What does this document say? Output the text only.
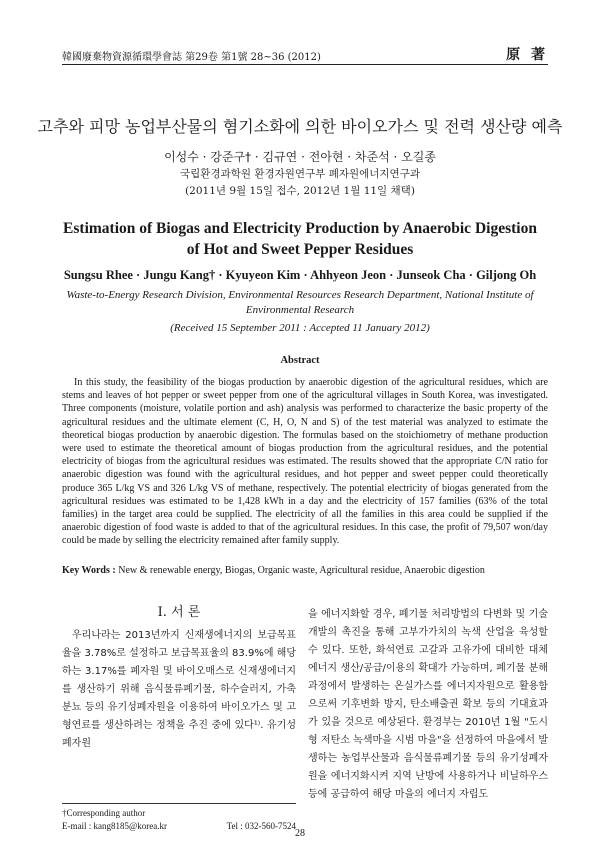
韓國廢棄物資源循環學會誌 第29卷 第1號 28~36 (2012)	原 著
고추와 피망 농업부산물의 혐기소화에 의한 바이오가스 및 전력 생산량 예측
이성수 · 강준구† · 김규연 · 전아현 · 차준석 · 오길종
국립환경과학원 환경자원연구부 폐자원에너지연구과
(2011년 9월 15일 접수, 2012년 1월 11일 채택)
Estimation of Biogas and Electricity Production by Anaerobic Digestion
of Hot and Sweet Pepper Residues
Sungsu Rhee · Jungu Kang† · Kyuyeon Kim · Ahhyeon Jeon · Junseok Cha · Giljong Oh
Waste-to-Energy Research Division, Environmental Resources Research Department, National Institute of
Environmental Research
(Received 15 September 2011 : Accepted 11 January 2012)
Abstract

In this study, the feasibility of the biogas production by anaerobic digestion of the agricultural residues, which are stems and leaves of hot pepper or sweet pepper from one of the agricultural villages in South Korea, was investigated. Three components (moisture, volatile portion and ash) analysis was performed to characterize the basic property of the agricultural residues and the ultimate element (C, H, O, N and S) of the test material was analyzed to estimate the theoretical biogas production by anaerobic digestion. The formulas based on the stoichiometry of methane production were used to estimate the theoretical amount of biogas production from the agricultural residues, and the potential electricity of biogas from the agricultural residues was estimated. The results showed that the appropriate C/N ratio for anaerobic digestion was found with the agricultural residues, and hot pepper and sweet pepper could theoretically produce 365 L/kg VS and 326 L/kg VS of methane, respectively. The potential electricity of biogas generated from the agricultural residues was estimated to be 1,428 kWh in a day and the electricity of 157 families (63% of the total families) in the target area could be supplied. The electricity of all the families in this area could be supplied if the anaerobic digestion of food waste is added to that of the agricultural residues. In this case, the profit of 79,507 won/day could be made by selling the electricity remained after family supply.

Key Words : New & renewable energy, Biogas, Organic waste, Agricultural residue, Anaerobic digestion
I. 서 론

우리나라는 2013년까지 신재생에너지의 보급목표율을 3.78%로 설정하고 보급목표율의 83.9%에 해당하는 3.17%를 폐자원 및 바이오매스로 신재생에너지를 생산하기 위해 음식물류폐기물, 하수슬러지, 가축분뇨 등의 유기성폐자원을 이용하여 바이오가스 및 고형연료를 생산하려는 정책을 추진 중에 있다¹⁾. 유기성폐자원

을 에너지화할 경우, 폐기물 처리방법의 다변화 및 기술개발의 촉진을 통해 고부가가치의 녹색 산업을 육성할 수 있다. 또한, 화석연료 고갈과 고유가에 대비한 대체에너지 생산/공급/이용의 확대가 가능하며, 폐기물 분해과정에서 발생하는 온실가스를 에너지자원으로 활용함으로써 기후변화 방지, 탄소배출권 확보 등의 기대효과가 있을 것으로 예상된다. 환경부는 2010년 1월 "도시형 저탄소 녹색마을 시범 마을"을 선정하여 마을에서 발생하는 농업부산물과 음식물류폐기물 등의 유기성폐자원을 에너지화시켜 지역 난방에 사용하거나 비닐하우스 등에 공급하여 해당 마을의 에너지 자립도

†Corresponding author
E-mail : kang8185@korea.kr	Tel : 032-560-7524
28
